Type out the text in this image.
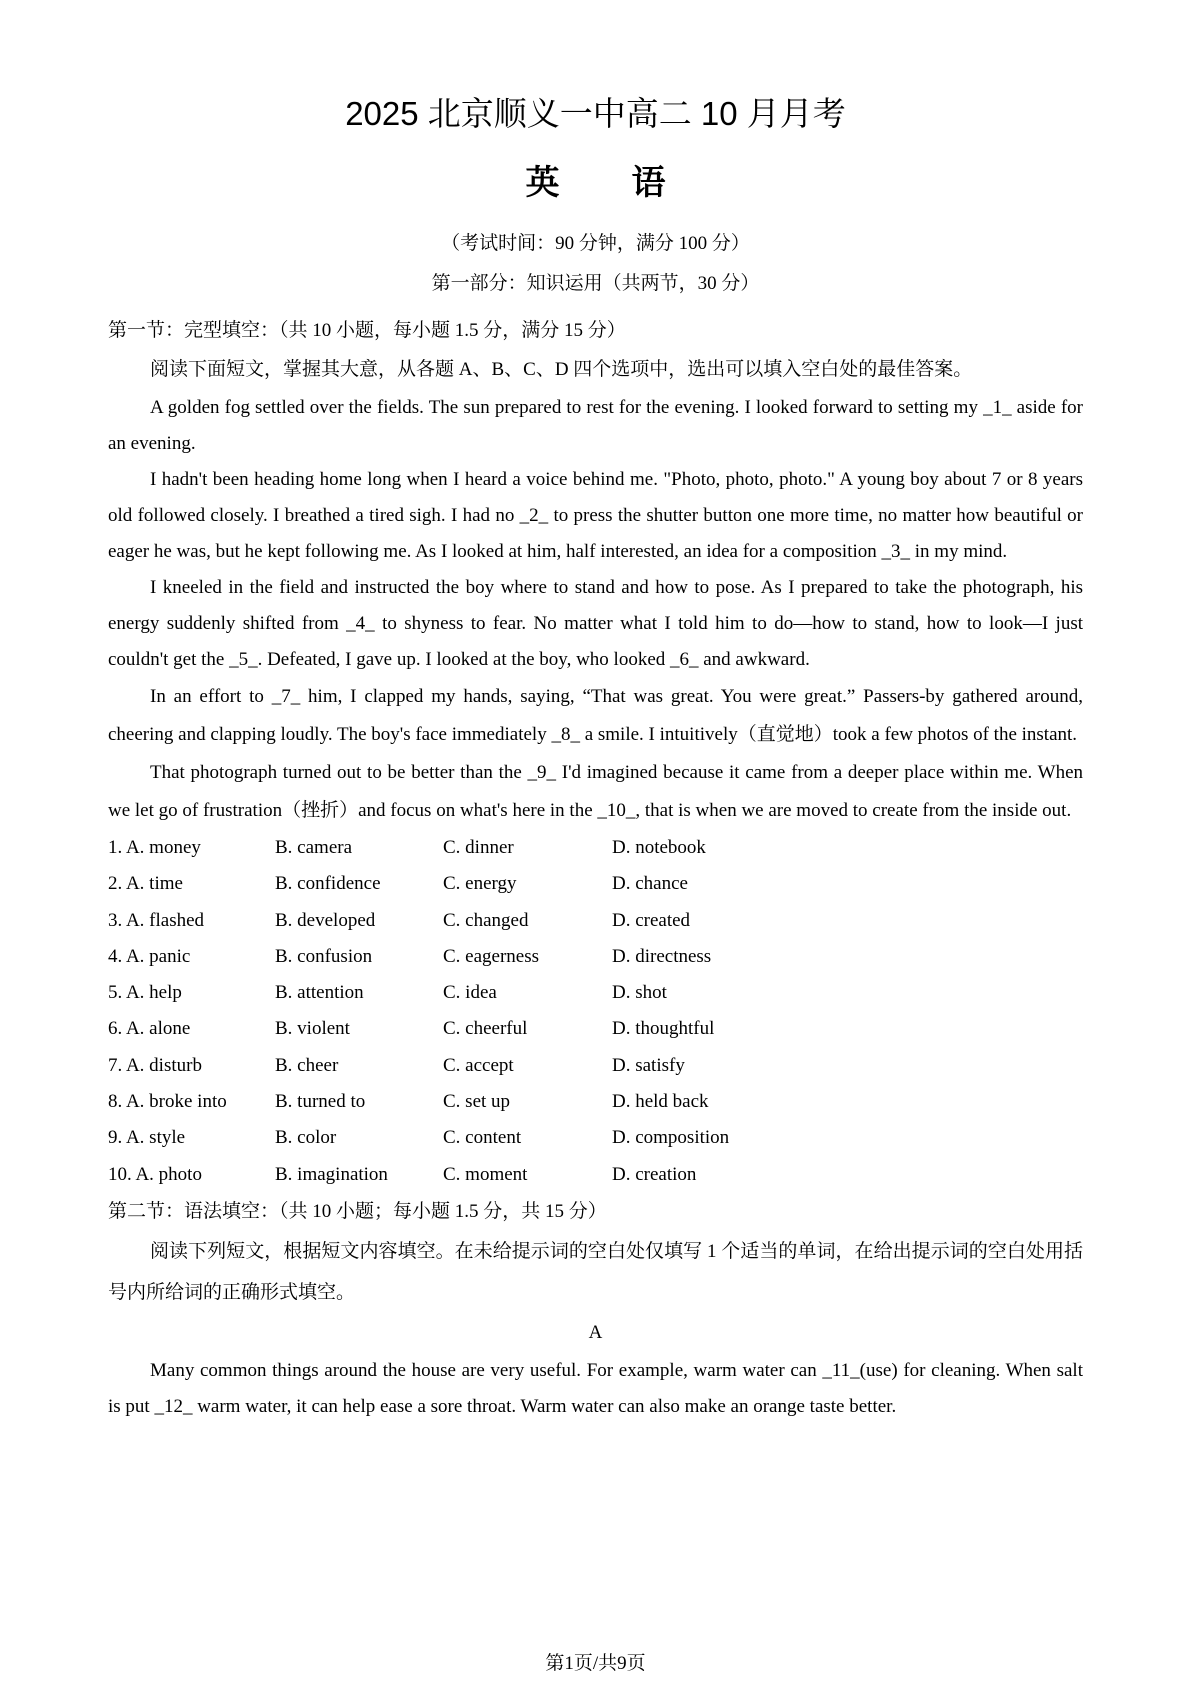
2025 北京顺义一中高二 10 月月考
英 语
（考试时间：90 分钟，满分 100 分）
第一部分：知识运用（共两节，30 分）
第一节：完型填空：（共 10 小题，每小题 1.5 分，满分 15 分）

阅读下面短文，掌握其大意，从各题 A、B、C、D 四个选项中，选出可以填入空白处的最佳答案。

A golden fog settled over the fields. The sun prepared to rest for the evening. I looked forward to setting my _1_ aside for an evening.

I hadn't been heading home long when I heard a voice behind me. "Photo, photo, photo." A young boy about 7 or 8 years old followed closely. I breathed a tired sigh. I had no _2_ to press the shutter button one more time, no matter how beautiful or eager he was, but he kept following me. As I looked at him, half interested, an idea for a composition _3_ in my mind.

I kneeled in the field and instructed the boy where to stand and how to pose. As I prepared to take the photograph, his energy suddenly shifted from _4_ to shyness to fear. No matter what I told him to do—how to stand, how to look—I just couldn't get the _5_. Defeated, I gave up. I looked at the boy, who looked _6_ and awkward.

In an effort to _7_ him, I clapped my hands, saying, “That was great. You were great.” Passers-by gathered around, cheering and clapping loudly. The boy's face immediately _8_ a smile. I intuitively（直觉地）took a few photos of the instant.

That photograph turned out to be better than the _9_ I'd imagined because it came from a deeper place within me. When we let go of frustration（挫折）and focus on what's here in the _10_, that is when we are moved to create from the inside out.

1. A. money	B. camera	C. dinner	D. notebook
2. A. time	B. confidence	C. energy	D. chance
3. A. flashed	B. developed	C. changed	D. created
4. A. panic	B. confusion	C. eagerness	D. directness
5. A. help	B. attention	C. idea	D. shot
6. A. alone	B. violent	C. cheerful	D. thoughtful
7. A. disturb	B. cheer	C. accept	D. satisfy
8. A. broke into	B. turned to	C. set up	D. held back
9. A. style	B. color	C. content	D. composition
10. A. photo	B. imagination	C. moment	D. creation
第二节：语法填空：（共 10 小题；每小题 1.5 分，共 15 分）

阅读下列短文，根据短文内容填空。在未给提示词的空白处仅填写 1 个适当的单词，在给出提示词的空白处用括号内所给词的正确形式填空。

A

Many common things around the house are very useful. For example, warm water can _11_(use) for cleaning. When salt is put _12_ warm water, it can help ease a sore throat. Warm water can also make an orange taste better.

第1页/共9页
